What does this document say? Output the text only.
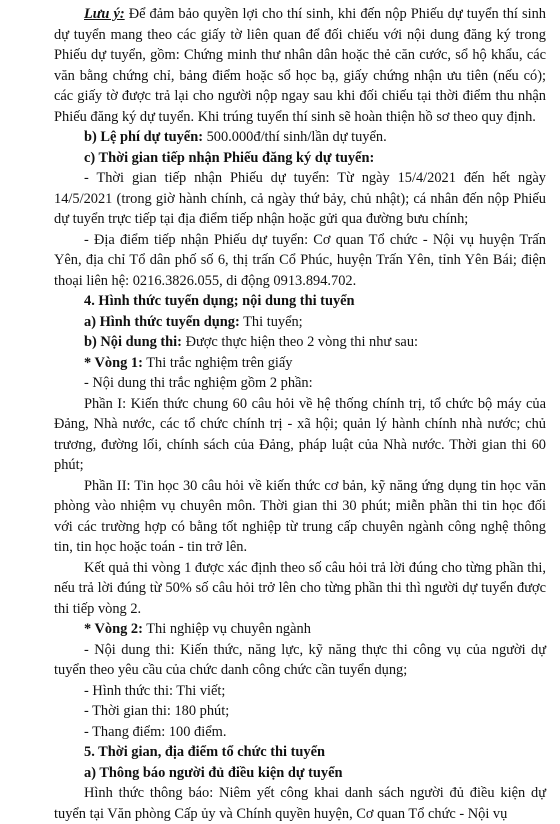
Lưu ý: Để đảm bảo quyền lợi cho thí sinh, khi đến nộp Phiếu dự tuyển thí sinh dự tuyển mang theo các giấy tờ liên quan để đối chiếu với nội dung đăng ký trong Phiếu dự tuyển, gồm: Chứng minh thư nhân dân hoặc thẻ căn cước, sổ hộ khẩu, các văn bằng chứng chỉ, bảng điểm hoặc sổ học bạ, giấy chứng nhận ưu tiên (nếu có); các giấy tờ được trả lại cho người nộp ngay sau khi đối chiếu tại thời điểm thu nhận Phiếu đăng ký dự tuyển. Khi trúng tuyển thí sinh sẽ hoàn thiện hồ sơ theo quy định.

b) Lệ phí dự tuyển: 500.000đ/thí sinh/lần dự tuyển.

c) Thời gian tiếp nhận Phiếu đăng ký dự tuyển:

- Thời gian tiếp nhận Phiếu dự tuyển: Từ ngày 15/4/2021 đến hết ngày 14/5/2021 (trong giờ hành chính, cả ngày thứ bảy, chủ nhật); cá nhân đến nộp Phiếu dự tuyển trực tiếp tại địa điểm tiếp nhận hoặc gửi qua đường bưu chính;

- Địa điểm tiếp nhận Phiếu dự tuyển: Cơ quan Tổ chức - Nội vụ huyện Trấn Yên, địa chỉ Tổ dân phố số 6, thị trấn Cổ Phúc, huyện Trấn Yên, tỉnh Yên Bái; điện thoại liên hệ: 0216.3826.055, di động 0913.894.702.

4. Hình thức tuyển dụng; nội dung thi tuyển

a) Hình thức tuyển dụng: Thi tuyển;

b) Nội dung thi: Được thực hiện theo 2 vòng thi như sau:

* Vòng 1: Thi trắc nghiệm trên giấy

- Nội dung thi trắc nghiệm gồm 2 phần:

Phần I: Kiến thức chung 60 câu hỏi về hệ thống chính trị, tổ chức bộ máy của Đảng, Nhà nước, các tổ chức chính trị - xã hội; quản lý hành chính nhà nước; chủ trương, đường lối, chính sách của Đảng, pháp luật của Nhà nước. Thời gian thi 60 phút;

Phần II: Tin học 30 câu hỏi về kiến thức cơ bản, kỹ năng ứng dụng tin học văn phòng vào nhiệm vụ chuyên môn. Thời gian thi 30 phút; miễn phần thi tin học đối với các trường hợp có bằng tốt nghiệp từ trung cấp chuyên ngành công nghệ thông tin, tin học hoặc toán - tin trở lên.

Kết quả thi vòng 1 được xác định theo số câu hỏi trả lời đúng cho từng phần thi, nếu trả lời đúng từ 50% số câu hỏi trở lên cho từng phần thi thì người dự tuyển được thi tiếp vòng 2.

* Vòng 2: Thi nghiệp vụ chuyên ngành

- Nội dung thi: Kiến thức, năng lực, kỹ năng thực thi công vụ của người dự tuyển theo yêu cầu của chức danh công chức cần tuyển dụng;

- Hình thức thi: Thi viết;

- Thời gian thi: 180 phút;

- Thang điểm: 100 điểm.

5. Thời gian, địa điểm tổ chức thi tuyển

a) Thông báo người đủ điều kiện dự tuyển

Hình thức thông báo: Niêm yết công khai danh sách người đủ điều kiện dự tuyển tại Văn phòng Cấp ủy và Chính quyền huyện, Cơ quan Tổ chức - Nội vụ
